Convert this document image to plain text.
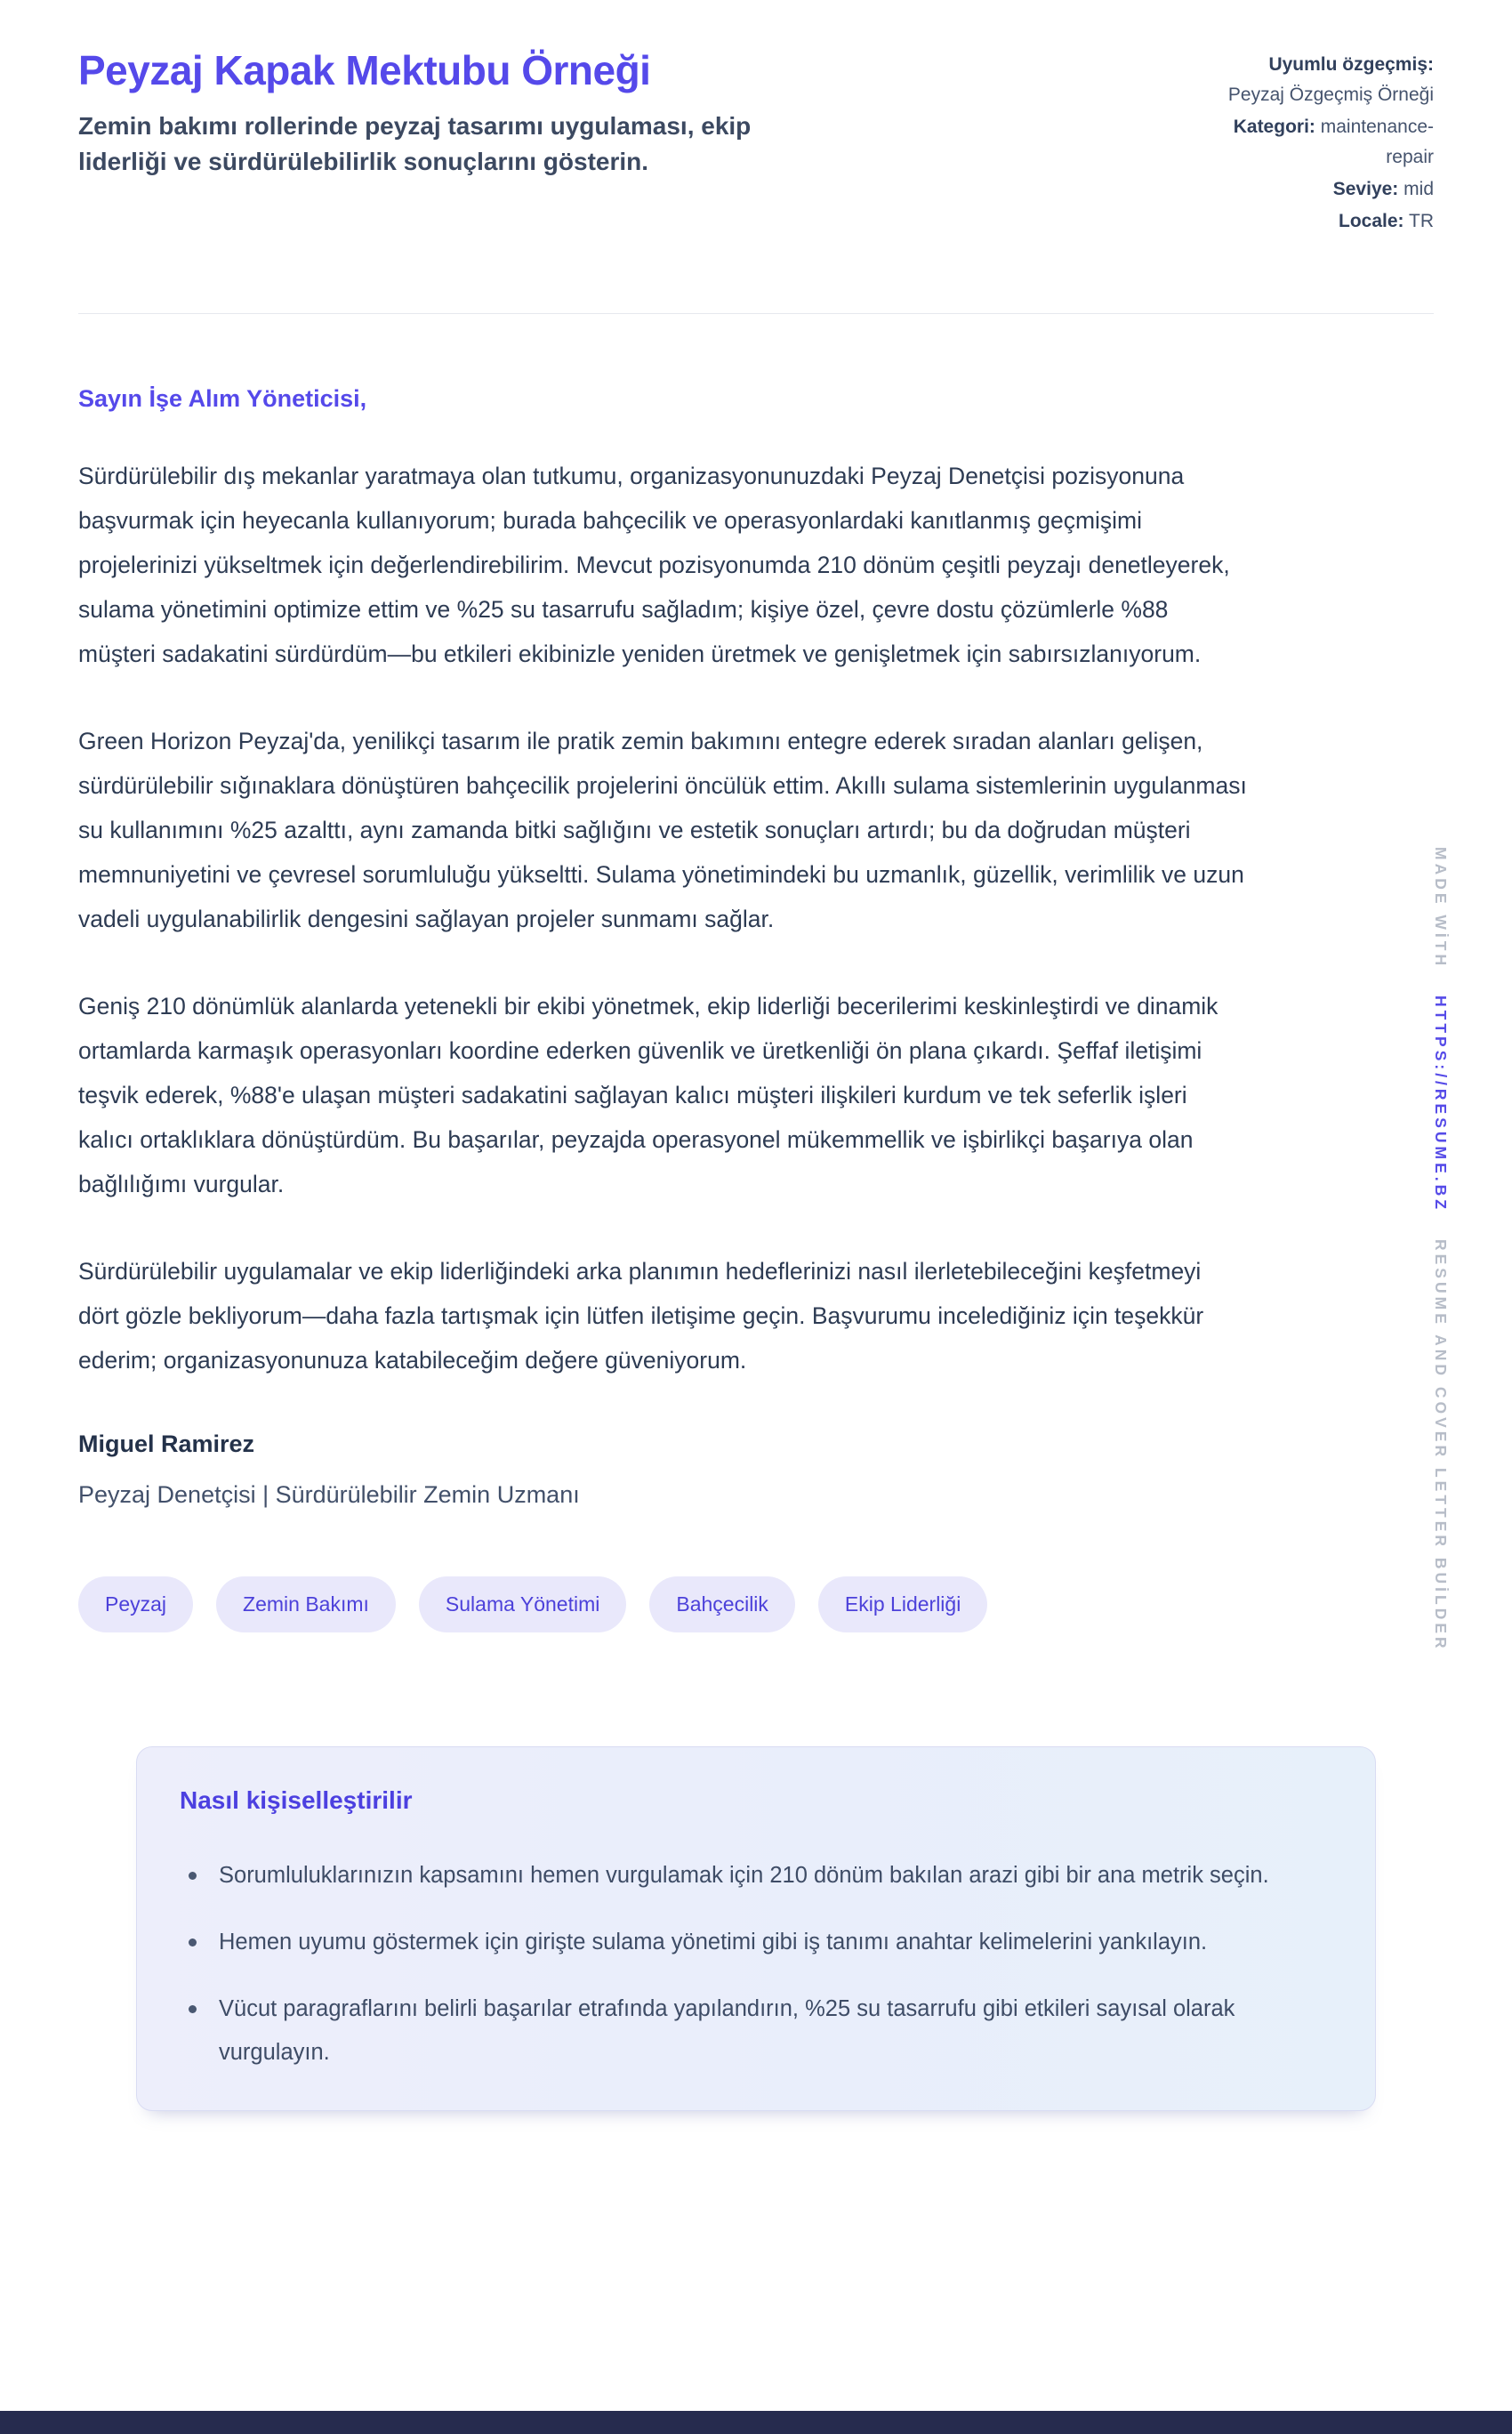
Peyzaj Kapak Mektubu Örneği

Zemin bakımı rollerinde peyzaj tasarımı uygulaması, ekip liderliği ve sürdürülebilirlik sonuçlarını gösterin.

Uyumlu özgeçmiş:
Peyzaj Özgeçmiş Örneği
Kategori: maintenance-repair
Seviye: mid
Locale: TR

Sayın İşe Alım Yöneticisi,

Sürdürülebilir dış mekanlar yaratmaya olan tutkumu, organizasyonunuzdaki Peyzaj Denetçisi pozisyonuna başvurmak için heyecanla kullanıyorum; burada bahçecilik ve operasyonlardaki kanıtlanmış geçmişimi projelerinizi yükseltmek için değerlendirebilirim. Mevcut pozisyonumda 210 dönüm çeşitli peyzajı denetleyerek, sulama yönetimini optimize ettim ve %25 su tasarrufu sağladım; kişiye özel, çevre dostu çözümlerle %88 müşteri sadakatini sürdürdüm—bu etkileri ekibinizle yeniden üretmek ve genişletmek için sabırsızlanıyorum.

Green Horizon Peyzaj'da, yenilikçi tasarım ile pratik zemin bakımını entegre ederek sıradan alanları gelişen, sürdürülebilir sığınaklara dönüştüren bahçecilik projelerini öncülük ettim. Akıllı sulama sistemlerinin uygulanması su kullanımını %25 azalttı, aynı zamanda bitki sağlığını ve estetik sonuçları artırdı; bu da doğrudan müşteri memnuniyetini ve çevresel sorumluluğu yükseltti. Sulama yönetimindeki bu uzmanlık, güzellik, verimlilik ve uzun vadeli uygulanabilirlik dengesini sağlayan projeler sunmamı sağlar.

Geniş 210 dönümlük alanlarda yetenekli bir ekibi yönetmek, ekip liderliği becerilerimi keskinleştirdi ve dinamik ortamlarda karmaşık operasyonları koordine ederken güvenlik ve üretkenliği ön plana çıkardı. Şeffaf iletişimi teşvik ederek, %88'e ulaşan müşteri sadakatini sağlayan kalıcı müşteri ilişkileri kurdum ve tek seferlik işleri kalıcı ortaklıklara dönüştürdüm. Bu başarılar, peyzajda operasyonel mükemmellik ve işbirlikçi başarıya olan bağlılığımı vurgular.

Sürdürülebilir uygulamalar ve ekip liderliğindeki arka planımın hedeflerinizi nasıl ilerletebileceğini keşfetmeyi dört gözle bekliyorum—daha fazla tartışmak için lütfen iletişime geçin. Başvurumu incelediğiniz için teşekkür ederim; organizasyonunuza katabileceğim değere güveniyorum.

Miguel Ramirez

Peyzaj Denetçisi | Sürdürülebilir Zemin Uzmanı

Peyzaj	Zemin Bakımı	Sulama Yönetimi	Bahçecilik	Ekip Liderliği

Nasıl kişiselleştirilir

Sorumluluklarınızın kapsamını hemen vurgulamak için 210 dönüm bakılan arazi gibi bir ana metrik seçin.
Hemen uyumu göstermek için girişte sulama yönetimi gibi iş tanımı anahtar kelimelerini yankılayın.
Vücut paragraflarını belirli başarılar etrafında yapılandırın, %25 su tasarrufu gibi etkileri sayısal olarak vurgulayın.
MADE WİTHHTTPS://RESUME.BZRESUME AND COVER LETTER BUİLDER
